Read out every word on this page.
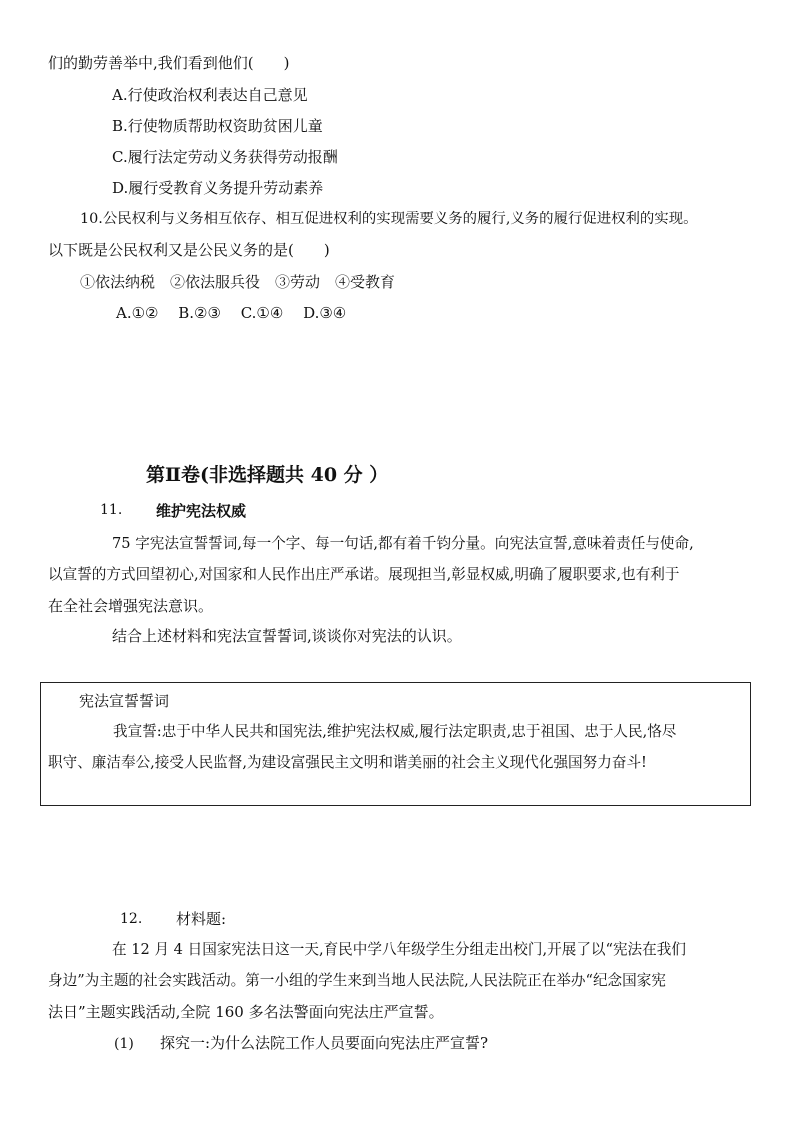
们的勤劳善举中,我们看到他们(　　)
A.行使政治权利表达自己意见
B.行使物质帮助权资助贫困儿童
C.履行法定劳动义务获得劳动报酬
D.履行受教育义务提升劳动素养
10.公民权利与义务相互依存、相互促进权利的实现需要义务的履行,义务的履行促进权利的实现。
以下既是公民权利又是公民义务的是(　　)
①依法纳税　②依法服兵役　③劳动　④受教育
A.①②　 B.②③　 C.①④　 D.③④
第Ⅱ卷(非选择题共 40 分 ）
11. 维护宪法权威
75 字宪法宣誓誓词,每一个字、每一句话,都有着千钧分量。向宪法宣誓,意味着责任与使命,
以宣誓的方式回望初心,对国家和人民作出庄严承诺。展现担当,彰显权威,明确了履职要求,也有利于
在全社会增强宪法意识。
结合上述材料和宪法宣誓誓词,谈谈你对宪法的认识。
宪法宣誓誓词
我宣誓:忠于中华人民共和国宪法,维护宪法权威,履行法定职责,忠于祖国、忠于人民,恪尽
职守、廉洁奉公,接受人民监督,为建设富强民主文明和谐美丽的社会主义现代化强国努力奋斗!
12. 材料题:
在 12 月 4 日国家宪法日这一天,育民中学八年级学生分组走出校门,开展了以“宪法在我们
身边”为主题的社会实践活动。第一小组的学生来到当地人民法院,人民法院正在举办“纪念国家宪
法日”主题实践活动,全院 160 多名法警面向宪法庄严宣誓。
(1) 探究一:为什么法院工作人员要面向宪法庄严宣誓?
